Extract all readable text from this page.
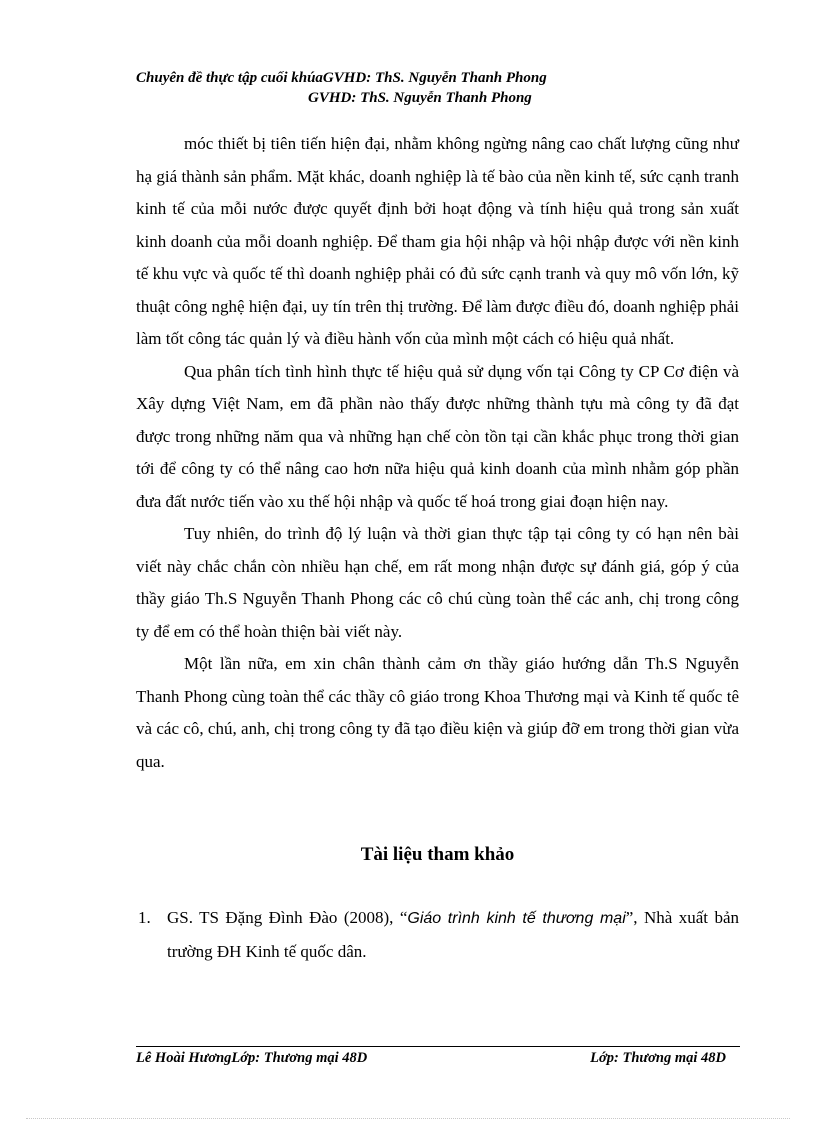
Chuyên đề thực tập cuối khúaGVHD: ThS. Nguyễn Thanh Phong
GVHD: ThS. Nguyễn Thanh Phong

móc thiết bị tiên tiến hiện đại, nhằm không ngừng nâng cao chất lượng cũng như hạ giá thành sản phẩm. Mặt khác, doanh nghiệp là tế bào của nền kinh tế, sức cạnh tranh kinh tế của mỗi nước được quyết định bởi hoạt động và tính hiệu quả trong sản xuất kinh doanh của mỗi doanh nghiệp. Để tham gia hội nhập và hội nhập được với nền kinh tế khu vực và quốc tế thì doanh nghiệp phải có đủ sức cạnh tranh và quy mô vốn lớn, kỹ thuật công nghệ hiện đại, uy tín trên thị trường. Để làm được điều đó, doanh nghiệp phải làm tốt công tác quản lý và điều hành vốn của mình một cách có hiệu quả nhất.

Qua phân tích tình hình thực tế hiệu quả sử dụng vốn tại Công ty CP Cơ điện và Xây dựng Việt Nam, em đã phần nào thấy được những thành tựu mà công ty đã đạt được trong những năm qua và những hạn chế còn tồn tại cần khắc phục trong thời gian tới để công ty có thể nâng cao hơn nữa hiệu quả kinh doanh của mình nhằm góp phần đưa đất nước tiến vào xu thế hội nhập và quốc tế hoá trong giai đoạn hiện nay.

Tuy nhiên, do trình độ lý luận và thời gian thực tập tại công ty có hạn nên bài viết này chắc chắn còn nhiều hạn chế, em rất mong nhận được sự đánh giá, góp ý của thầy giáo Th.S Nguyễn Thanh Phong các cô chú cùng toàn thể các anh, chị trong công ty để em có thể hoàn thiện bài viết này.

Một lần nữa, em xin chân thành cảm ơn thầy giáo hướng dẫn Th.S Nguyễn Thanh Phong cùng toàn thể các thầy cô giáo trong Khoa Thương mại và Kinh tế quốc tê và các cô, chú, anh, chị trong công ty đã tạo điều kiện và giúp đỡ em trong thời gian vừa qua.

Tài liệu tham khảo
1. GS. TS Đặng Đình Đào (2008), “Giáo trình kinh tế thương mại”, Nhà xuất bản trường ĐH Kinh tế quốc dân.
Lê Hoài HươngLớp: Thương mại 48D	Lớp: Thương mại 48D
